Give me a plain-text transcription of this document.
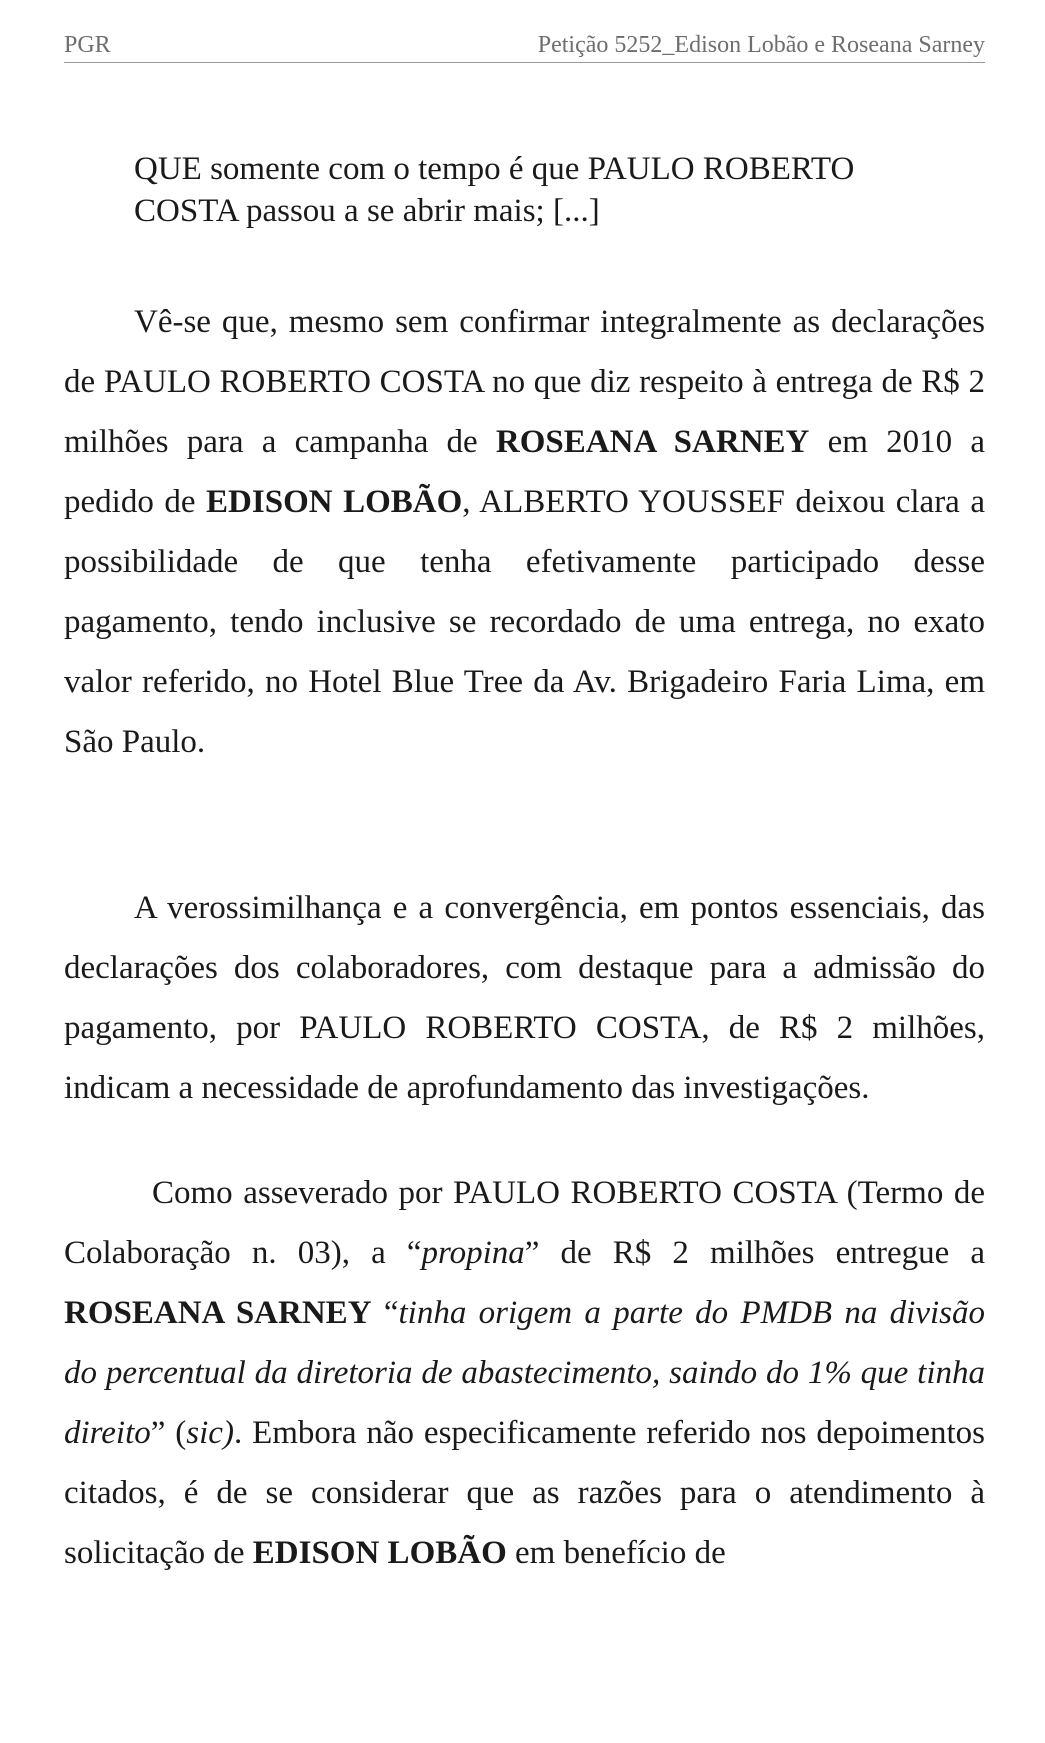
PGR	Petição 5252_Edison Lobão e Roseana Sarney
QUE somente com o tempo é que PAULO ROBERTO
COSTA passou a se abrir mais; [...]

Vê-se que, mesmo sem confirmar integralmente as declarações de PAULO ROBERTO COSTA no que diz respeito à entrega de R$ 2 milhões para a campanha de ROSEANA SARNEY em 2010 a pedido de EDISON LOBÃO, ALBERTO YOUSSEF deixou clara a possibilidade de que tenha efetivamente participado desse pagamento, tendo inclusive se recordado de uma entrega, no exato valor referido, no Hotel Blue Tree da Av. Brigadeiro Faria Lima, em São Paulo.

A verossimilhança e a convergência, em pontos essenciais, das declarações dos colaboradores, com destaque para a admissão do pagamento, por PAULO ROBERTO COSTA, de R$ 2 milhões, indicam a necessidade de aprofundamento das investigações.

Como asseverado por PAULO ROBERTO COSTA (Termo de Colaboração n. 03), a “propina” de R$ 2 milhões entregue a ROSEANA SARNEY “tinha origem a parte do PMDB na divisão do percentual da diretoria de abastecimento, saindo do 1% que tinha direito” (sic). Embora não especificamente referido nos depoimentos citados, é de se considerar que as razões para o atendimento à solicitação de EDISON LOBÃO em benefício de
